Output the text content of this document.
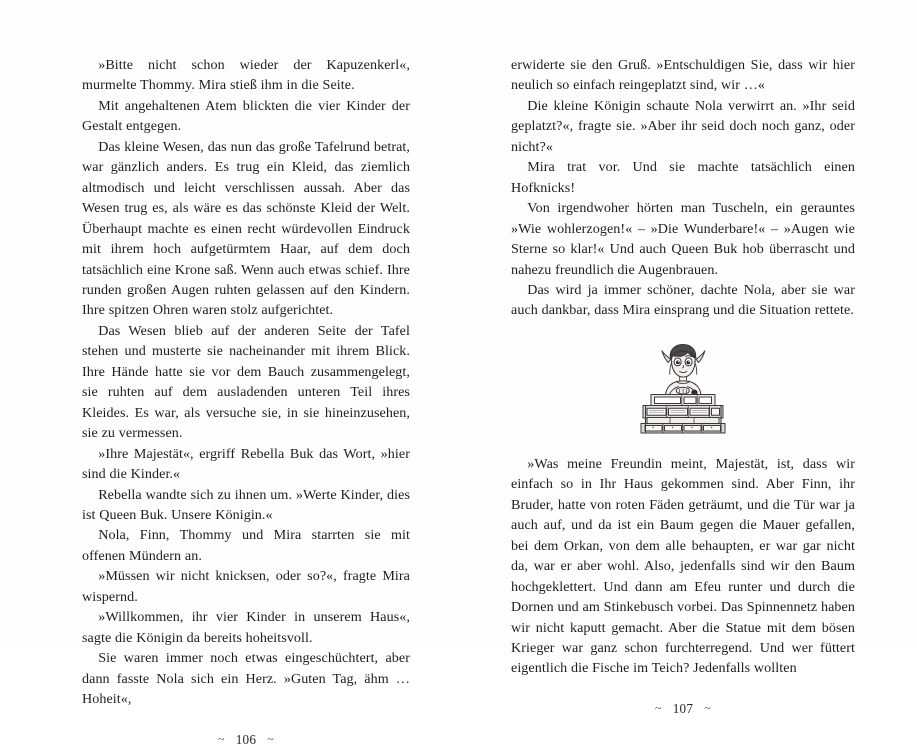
»Bitte nicht schon wieder der Kapuzenkerl«, murmelte Thommy. Mira stieß ihm in die Seite.

Mit angehaltenen Atem blickten die vier Kinder der Gestalt entgegen.

Das kleine Wesen, das nun das große Tafelrund betrat, war gänzlich anders. Es trug ein Kleid, das ziemlich altmodisch und leicht verschlissen aussah. Aber das Wesen trug es, als wäre es das schönste Kleid der Welt. Überhaupt machte es einen recht würdevollen Eindruck mit ihrem hoch aufgetürmtem Haar, auf dem doch tatsächlich eine Krone saß. Wenn auch etwas schief. Ihre runden großen Augen ruhten gelassen auf den Kindern. Ihre spitzen Ohren waren stolz aufgerichtet.

Das Wesen blieb auf der anderen Seite der Tafel stehen und musterte sie nacheinander mit ihrem Blick. Ihre Hände hatte sie vor dem Bauch zusammengelegt, sie ruhten auf dem ausladenden unteren Teil ihres Kleides. Es war, als versuche sie, in sie hineinzusehen, sie zu vermessen.

»Ihre Majestät«, ergriff Rebella Buk das Wort, »hier sind die Kinder.«

Rebella wandte sich zu ihnen um. »Werte Kinder, dies ist Queen Buk. Unsere Königin.«

Nola, Finn, Thommy und Mira starrten sie mit offenen Mündern an.

»Müssen wir nicht knicksen, oder so?«, fragte Mira wispernd.

»Willkommen, ihr vier Kinder in unserem Haus«, sagte die Königin da bereits hoheitsvoll.

Sie waren immer noch etwas eingeschüchtert, aber dann fasste Nola sich ein Herz. »Guten Tag, ähm … Hoheit«,

~ 106 ~

erwiderte sie den Gruß. »Entschuldigen Sie, dass wir hier neulich so einfach reingeplatzt sind, wir …«

Die kleine Königin schaute Nola verwirrt an. »Ihr seid geplatzt?«, fragte sie. »Aber ihr seid doch noch ganz, oder nicht?«

Mira trat vor. Und sie machte tatsächlich einen Hofknicks!

Von irgendwoher hörten man Tuscheln, ein gerauntes »Wie wohlerzogen!« – »Die Wunderbare!« – »Augen wie Sterne so klar!« Und auch Queen Buk hob überrascht und nahezu freundlich die Augenbrauen.

Das wird ja immer schöner, dachte Nola, aber sie war auch dankbar, dass Mira einsprang und die Situation rettete.

»Was meine Freundin meint, Majestät, ist, dass wir einfach so in Ihr Haus gekommen sind. Aber Finn, ihr Bruder, hatte von roten Fäden geträumt, und die Tür war ja auch auf, und da ist ein Baum gegen die Mauer gefallen, bei dem Orkan, von dem alle behaupten, er war gar nicht da, war er aber wohl. Also, jedenfalls sind wir den Baum hochgeklettert. Und dann am Efeu runter und durch die Dornen und am Stinkebusch vorbei. Das Spinnennetz haben wir nicht kaputt gemacht. Aber die Statue mit dem bösen Krieger war ganz schon furchterregend. Und wer füttert eigentlich die Fische im Teich? Jedenfalls wollten

~ 107 ~
